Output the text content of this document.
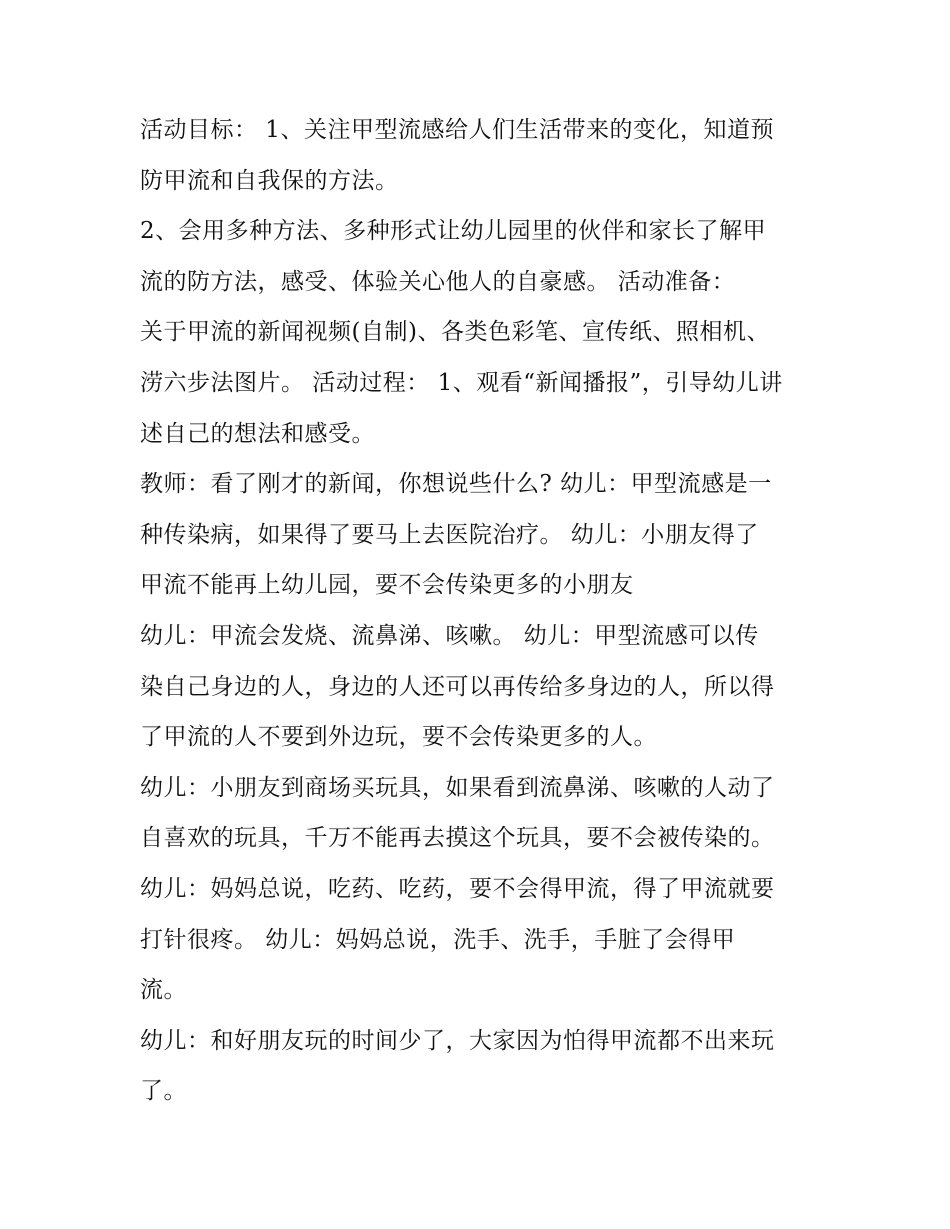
活动目标： 1、关注甲型流感给人们生活带来的变化，知道预
防甲流和自我保的方法。
2、会用多种方法、多种形式让幼儿园里的伙伴和家长了解甲
流的防方法，感受、体验关心他人的自豪感。 活动准备：
关于甲流的新闻视频(自制)、各类色彩笔、宣传纸、照相机、
涝六步法图片。 活动过程： 1、观看“新闻播报”，引导幼儿讲
述自己的想法和感受。
教师：看了刚才的新闻，你想说些什么? 幼儿：甲型流感是一
种传染病，如果得了要马上去医院治疗。 幼儿：小朋友得了
甲流不能再上幼儿园，要不会传染更多的小朋友
幼儿：甲流会发烧、流鼻涕、咳嗽。 幼儿：甲型流感可以传
染自己身边的人，身边的人还可以再传给多身边的人，所以得
了甲流的人不要到外边玩，要不会传染更多的人。
幼儿：小朋友到商场买玩具，如果看到流鼻涕、咳嗽的人动了
自喜欢的玩具，千万不能再去摸这个玩具，要不会被传染的。
幼儿：妈妈总说，吃药、吃药，要不会得甲流，得了甲流就要
打针很疼。 幼儿：妈妈总说，洗手、洗手，手脏了会得甲
流。
幼儿：和好朋友玩的时间少了，大家因为怕得甲流都不出来玩
了。
